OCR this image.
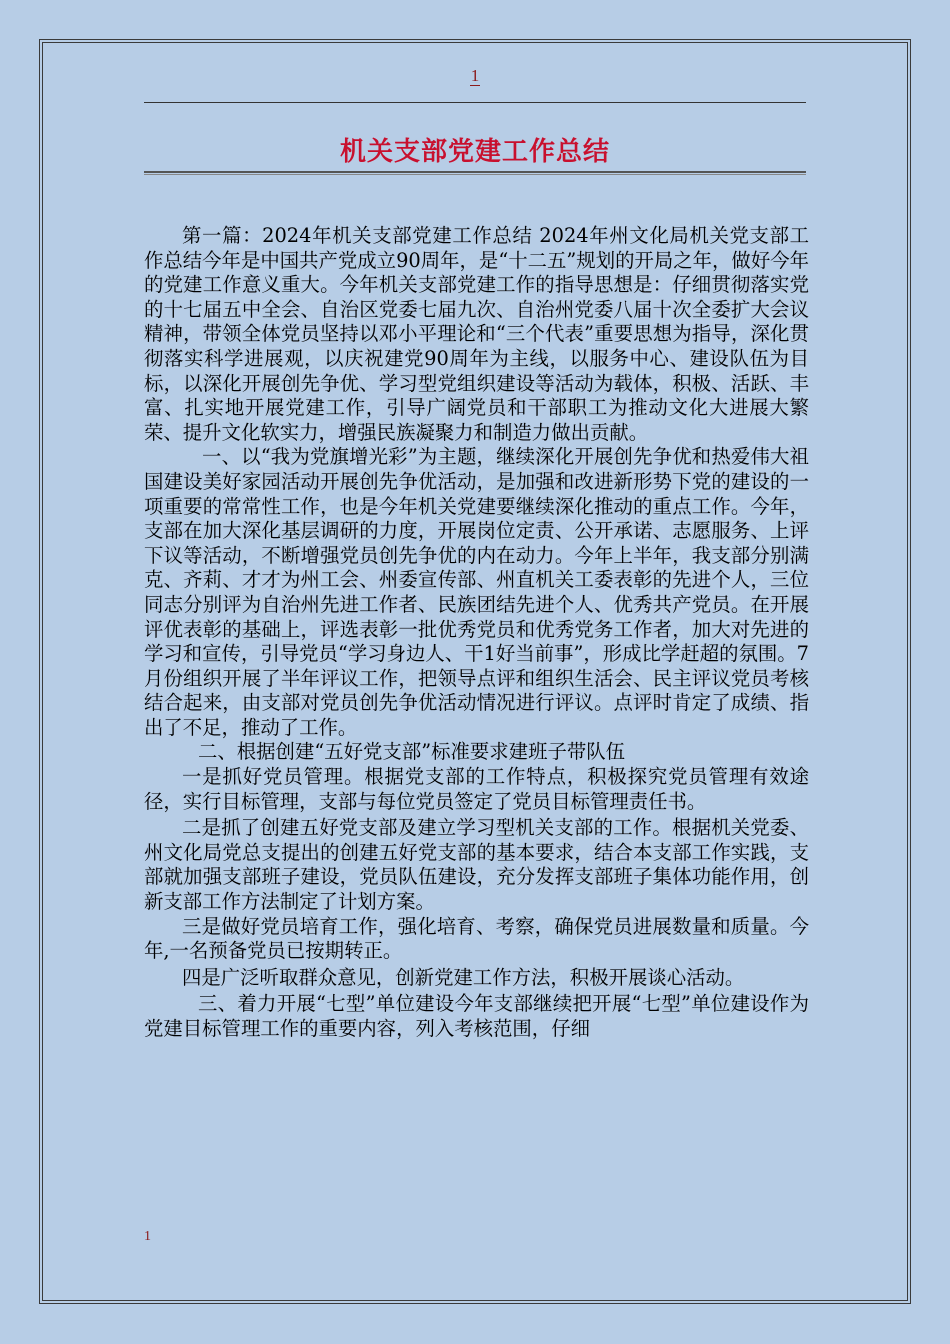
1
机关支部党建工作总结

第一篇：2024年机关支部党建工作总结 2024年州文化局机关党支部工作总结今年是中国共产党成立90周年，是“十二五”规划的开局之年，做好今年的党建工作意义重大。今年机关支部党建工作的指导思想是：仔细贯彻落实党的十七届五中全会、自治区党委七届九次、自治州党委八届十次全委扩大会议精神，带领全体党员坚持以邓小平理论和“三个代表”重要思想为指导，深化贯彻落实科学进展观，以庆祝建党90周年为主线，以服务中心、建设队伍为目标，以深化开展创先争优、学习型党组织建设等活动为载体，积极、活跃、丰富、扎实地开展党建工作，引导广阔党员和干部职工为推动文化大进展大繁荣、提升文化软实力，增强民族凝聚力和制造力做出贡献。

一、以“我为党旗增光彩”为主题，继续深化开展创先争优和热爱伟大祖国建设美好家园活动开展创先争优活动，是加强和改进新形势下党的建设的一项重要的常常性工作，也是今年机关党建要继续深化推动的重点工作。今年，支部在加大深化基层调研的力度，开展岗位定责、公开承诺、志愿服务、上评下议等活动，不断增强党员创先争优的内在动力。今年上半年，我支部分别满克、齐莉、才才为州工会、州委宣传部、州直机关工委表彰的先进个人，三位同志分别评为自治州先进工作者、民族团结先进个人、优秀共产党员。在开展评优表彰的基础上，评选表彰一批优秀党员和优秀党务工作者，加大对先进的学习和宣传，引导党员“学习身边人、干1好当前事”，形成比学赶超的氛围。7月份组织开展了半年评议工作，把领导点评和组织生活会、民主评议党员考核结合起来，由支部对党员创先争优活动情况进行评议。点评时肯定了成绩、指出了不足，推动了工作。

二、根据创建“五好党支部”标准要求建班子带队伍

一是抓好党员管理。根据党支部的工作特点，积极探究党员管理有效途径，实行目标管理，支部与每位党员签定了党员目标管理责任书。

二是抓了创建五好党支部及建立学习型机关支部的工作。根据机关党委、州文化局党总支提出的创建五好党支部的基本要求，结合本支部工作实践，支部就加强支部班子建设，党员队伍建设，充分发挥支部班子集体功能作用，创新支部工作方法制定了计划方案。

三是做好党员培育工作，强化培育、考察，确保党员进展数量和质量。今年,一名预备党员已按期转正。

四是广泛听取群众意见，创新党建工作方法，积极开展谈心活动。

三、着力开展“七型”单位建设今年支部继续把开展“七型”单位建设作为党建目标管理工作的重要内容，列入考核范围，仔细

1
